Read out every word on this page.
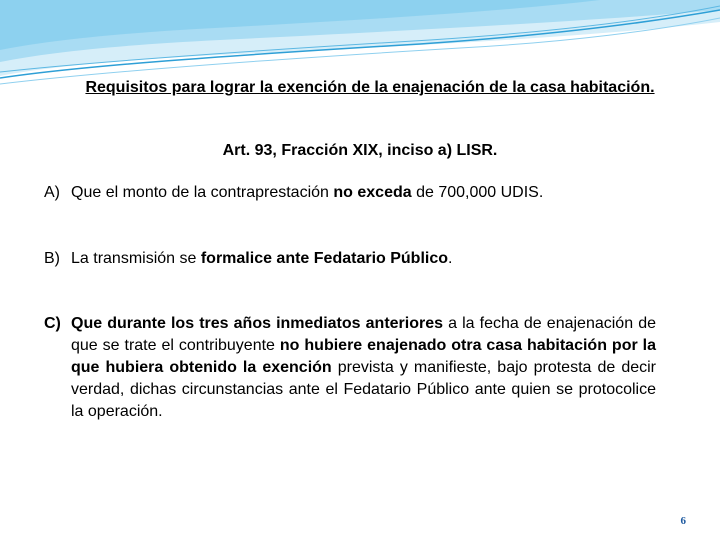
Requisitos para lograr la exención de la enajenación de la casa habitación.
Art. 93, Fracción XIX, inciso a) LISR.
A) Que el monto de la contraprestación no exceda de 700,000 UDIS.
B) La transmisión se formalice ante Fedatario Público.
C) Que durante los tres años inmediatos anteriores a la fecha de enajenación de que se trate el contribuyente no hubiere enajenado otra casa habitación por la que hubiera obtenido la exención prevista y manifieste, bajo protesta de decir verdad, dichas circunstancias ante el Fedatario Público ante quien se protocolice la operación.
6
